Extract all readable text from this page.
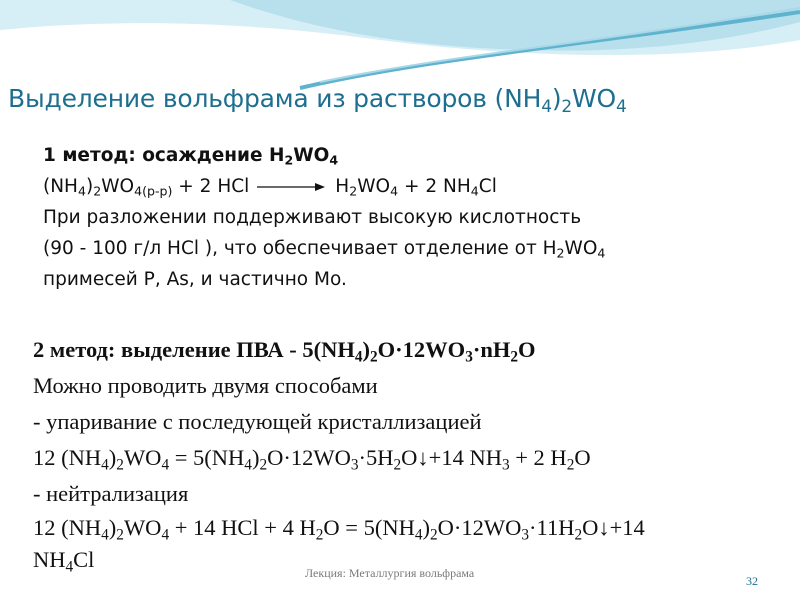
Выделение вольфрама из растворов $(NH_4)_2WO_4$
1 метод: осаждение $H_2WO_4$
$(NH_4)_2WO_{4(р-р)} + 2$ HCl → $H_2WO_4 + 2$ $NH_4Cl$
При разложении поддерживают высокую кислотность
(90 - 100 г/л HCl ), что обеспечивает отделение от $H_2WO_4$
примесей P, As, и частично Mo.
2 метод: выделение ПВА - $5(NH_4)_2O\cdot 12WO_3\cdot nH_2O$
Можно проводить двумя способами
- упаривание с последующей кристаллизацией
12 $(NH_4)_2WO_4$ = $5(NH_4)_2O\cdot 12WO_3\cdot 5H_2O↓+14$ $NH_3 + 2$ $H_2O$
- нейтрализация
12 $(NH_4)_2WO_4 + 14$ HCl + 4 $H_2O$ = $5(NH_4)_2O\cdot 12WO_3\cdot 11H_2O↓+14$
$NH_4Cl$
Лекция: Металлургия вольфрама
32
